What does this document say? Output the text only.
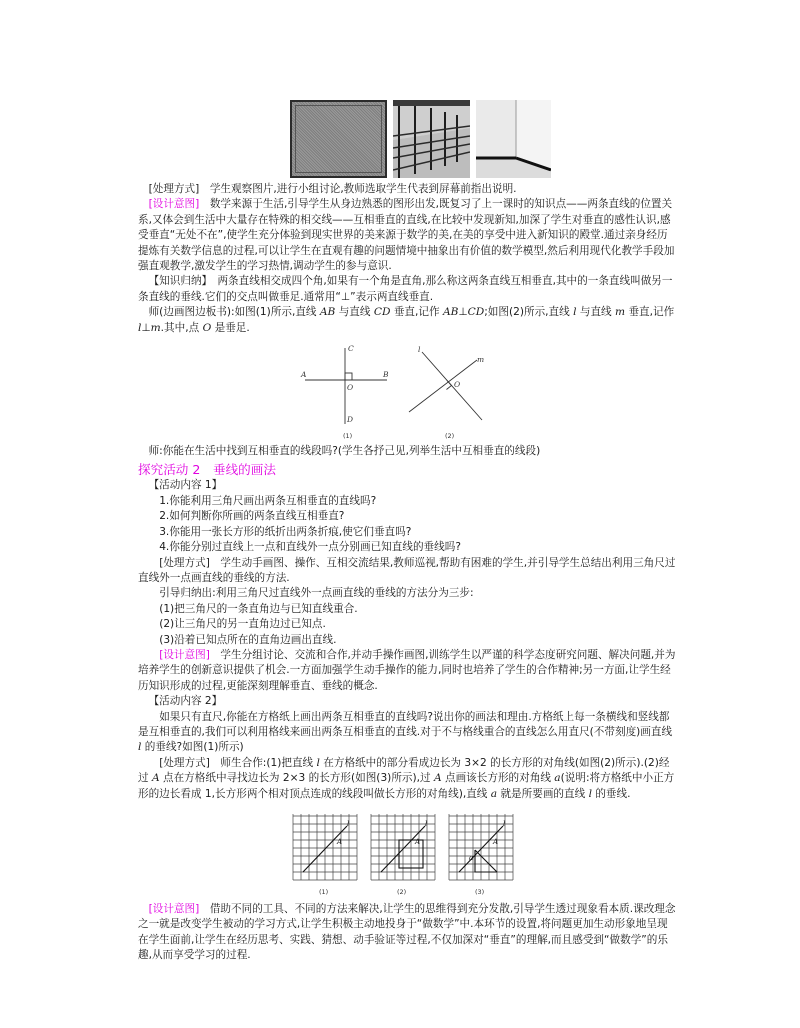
[处理方式]　学生观察图片,进行小组讨论,教师选取学生代表到屏幕前指出说明.

[设计意图]　数学来源于生活,引导学生从身边熟悉的图形出发,既复习了上一课时的知识点——两条直线的位置关系,又体会到生活中大量存在特殊的相交线——互相垂直的直线,在比较中发现新知,加深了学生对垂直的感性认识,感受垂直“无处不在”,使学生充分体验到现实世界的美来源于数学的美,在美的享受中进入新知识的殿堂.通过亲身经历提炼有关数学信息的过程,可以让学生在直观有趣的问题情境中抽象出有价值的数学模型,然后利用现代化教学手段加强直观教学,激发学生的学习热情,调动学生的参与意识.

【知识归纳】　两条直线相交成四个角,如果有一个角是直角,那么称这两条直线互相垂直,其中的一条直线叫做另一条直线的垂线.它们的交点叫做垂足.通常用“⊥”表示两直线垂直.

师(边画图边板书):如图(1)所示,直线 AB 与直线 CD 垂直,记作 AB⊥CD;如图(2)所示,直线 l 与直线 m 垂直,记作 l⊥m.其中,点 O 是垂足.

C
A
O
B
D
l
m
O
(1)	(2)

师:你能在生活中找到互相垂直的线段吗?(学生各抒己见,列举生活中互相垂直的线段)

探究活动 2　垂线的画法

【活动内容 1】

1.你能利用三角尺画出两条互相垂直的直线吗?

2.如何判断你所画的两条直线互相垂直?

3.你能用一张长方形的纸折出两条折痕,使它们垂直吗?

4.你能分别过直线上一点和直线外一点分别画已知直线的垂线吗?

[处理方式]　学生动手画图、操作、互相交流结果,教师巡视,帮助有困难的学生,并引导学生总结出利用三角尺过直线外一点画直线的垂线的方法.

引导归纳出:利用三角尺过直线外一点画直线的垂线的方法分为三步:

(1)把三角尺的一条直角边与已知直线重合.

(2)让三角尺的另一直角边过已知点.

(3)沿着已知点所在的直角边画出直线.

[设计意图]　学生分组讨论、交流和合作,并动手操作画图,训练学生以严谨的科学态度研究问题、解决问题,并为培养学生的创新意识提供了机会.一方面加强学生动手操作的能力,同时也培养了学生的合作精神;另一方面,让学生经历知识形成的过程,更能深刻理解垂直、垂线的概念.

【活动内容 2】

如果只有直尺,你能在方格纸上画出两条互相垂直的直线吗?说出你的画法和理由.方格纸上每一条横线和竖线都是互相垂直的,我们可以利用格线来画出两条互相垂直的直线.对于不与格线重合的直线怎么用直尺(不带刻度)画直线 l 的垂线?如图(1)所示)

[处理方式]　师生合作:(1)把直线 l 在方格纸中的部分看成边长为 3×2 的长方形的对角线(如图(2)所示).(2)经过 A 点在方格纸中寻找边长为 2×3 的长方形(如图(3)所示),过 A 点画该长方形的对角线 a(说明:将方格纸中小正方形的边长看成 1,长方形两个相对顶点连成的线段叫做长方形的对角线),直线 a 就是所要画的直线 l 的垂线.

l
A
l
A
l
A
a
(1)	(2)	(3)

[设计意图]　借助不同的工具、不同的方法来解决,让学生的思维得到充分发散,引导学生透过现象看本质.课改理念之一就是改变学生被动的学习方式,让学生积极主动地投身于“做数学”中.本环节的设置,将问题更加生动形象地呈现在学生面前,让学生在经历思考、实践、猜想、动手验证等过程,不仅加深对“垂直”的理解,而且感受到“做数学”的乐趣,从而享受学习的过程.
